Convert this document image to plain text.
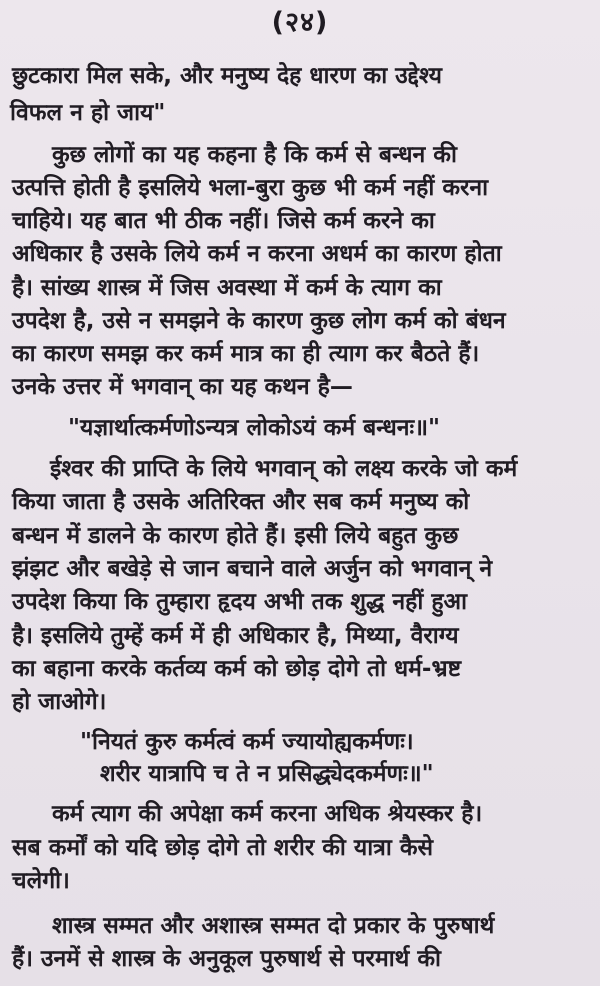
(२४)
छुटकारा मिल सके, और मनुष्य देह धारण का उद्देश्य
विफल न हो जाय"
कुछ लोगों का यह कहना है कि कर्म से बन्धन की
उत्पत्ति होती है इसलिये भला-बुरा कुछ भी कर्म नहीं करना
चाहिये। यह बात भी ठीक नहीं। जिसे कर्म करने का
अधिकार है उसके लिये कर्म न करना अधर्म का कारण होता
है। सांख्य शास्त्र में जिस अवस्था में कर्म के त्याग का
उपदेश है, उसे न समझने के कारण कुछ लोग कर्म को बंधन
का कारण समझ कर कर्म मात्र का ही त्याग कर बैठते हैं।
उनके उत्तर में भगवान् का यह कथन है—
"यज्ञार्थात्कर्मणोऽन्यत्र लोकोऽयं कर्म बन्धनः॥"
ईश्वर की प्राप्ति के लिये भगवान् को लक्ष्य करके जो कर्म
किया जाता है उसके अतिरिक्त और सब कर्म मनुष्य को
बन्धन में डालने के कारण होते हैं। इसी लिये बहुत कुछ
झंझट और बखेड़े से जान बचाने वाले अर्जुन को भगवान् ने
उपदेश किया कि तुम्हारा हृदय अभी तक शुद्ध नहीं हुआ
है। इसलिये तुम्हें कर्म में ही अधिकार है, मिथ्या, वैराग्य
का बहाना करके कर्तव्य कर्म को छोड़ दोगे तो धर्म-भ्रष्ट
हो जाओगे।
"नियतं कुरु कर्मत्वं कर्म ज्यायोह्यकर्मणः।
शरीर यात्रापि च ते न प्रसिद्ध्येदकर्मणः॥"
कर्म त्याग की अपेक्षा कर्म करना अधिक श्रेयस्कर है।
सब कर्मों को यदि छोड़ दोगे तो शरीर की यात्रा कैसे
चलेगी।
शास्त्र सम्मत और अशास्त्र सम्मत दो प्रकार के पुरुषार्थ
हैं। उनमें से शास्त्र के अनुकूल पुरुषार्थ से परमार्थ की
